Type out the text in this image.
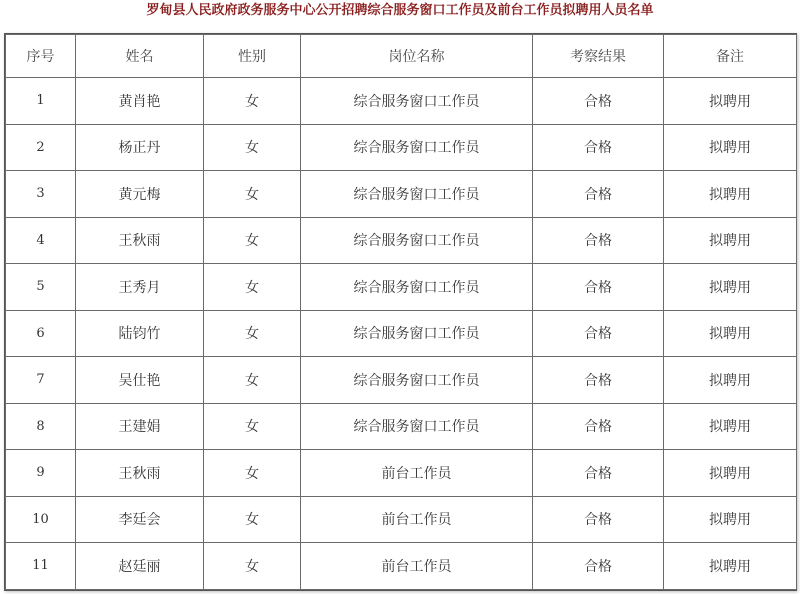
罗甸县人民政府政务服务中心公开招聘综合服务窗口工作员及前台工作员拟聘用人员名单
序号	姓名	性别	岗位名称	考察结果	备注
1	黄肖艳	女	综合服务窗口工作员	合格	拟聘用
2	杨正丹	女	综合服务窗口工作员	合格	拟聘用
3	黄元梅	女	综合服务窗口工作员	合格	拟聘用
4	王秋雨	女	综合服务窗口工作员	合格	拟聘用
5	王秀月	女	综合服务窗口工作员	合格	拟聘用
6	陆钧竹	女	综合服务窗口工作员	合格	拟聘用
7	吴仕艳	女	综合服务窗口工作员	合格	拟聘用
8	王建娟	女	综合服务窗口工作员	合格	拟聘用
9	王秋雨	女	前台工作员	合格	拟聘用
10	李廷会	女	前台工作员	合格	拟聘用
11	赵廷丽	女	前台工作员	合格	拟聘用
